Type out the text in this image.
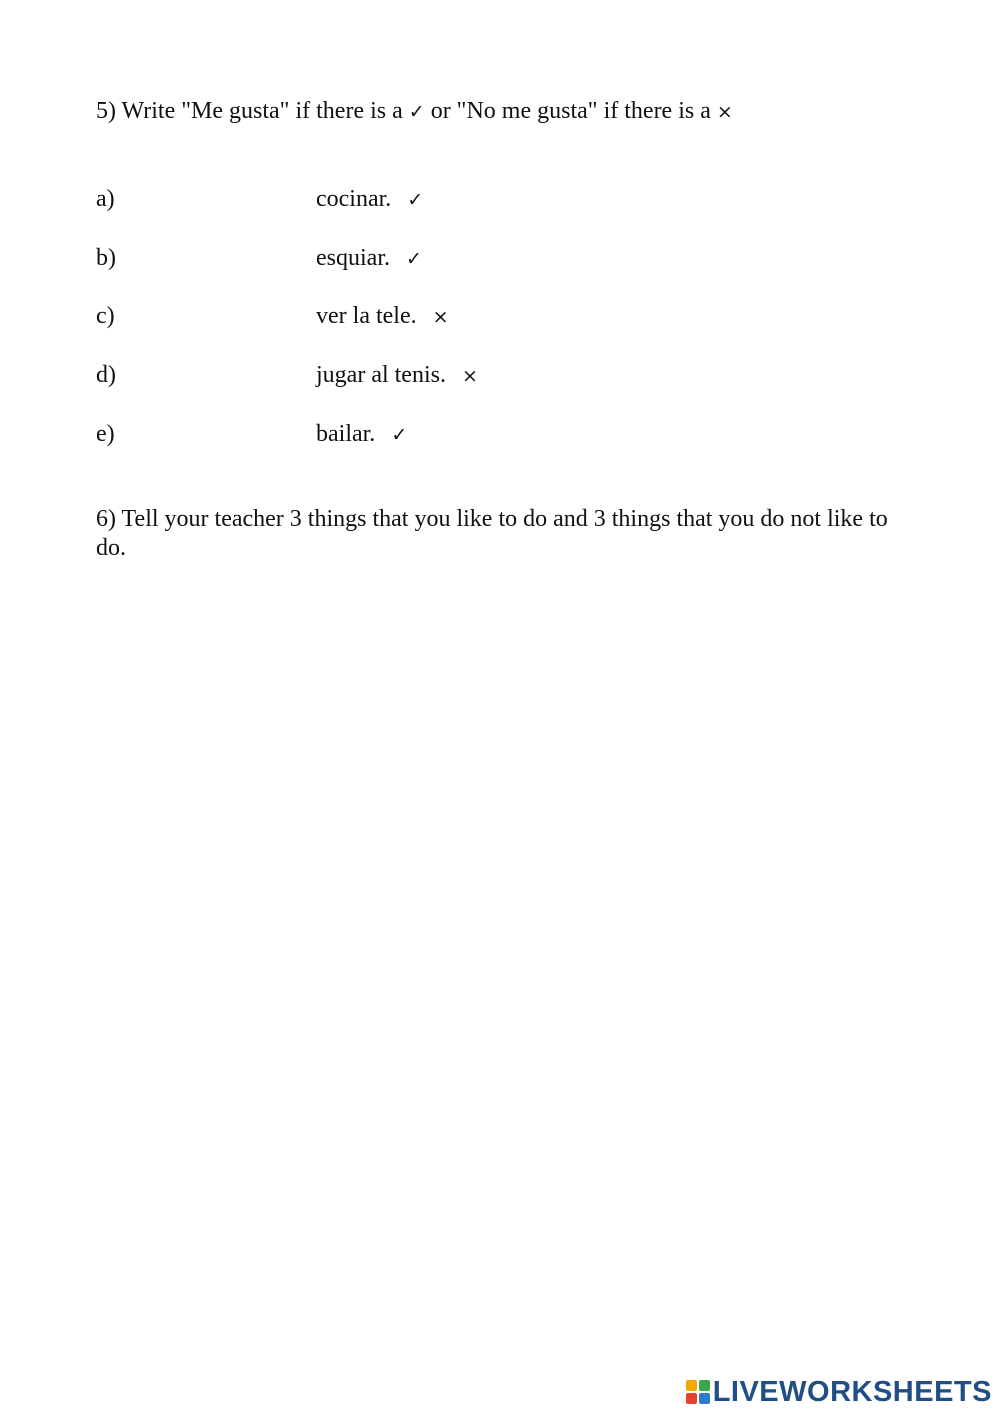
5) Write "Me gusta" if there is a ✓ or "No me gusta" if there is a ×
a)	cocinar. ✓
b)	esquiar. ✓
c)	ver la tele. ×
d)	jugar al tenis. ×
e)	bailar. ✓
6) Tell your teacher 3 things that you like to do and 3 things that you do not like to do.
LIVEWORKSHEETS
